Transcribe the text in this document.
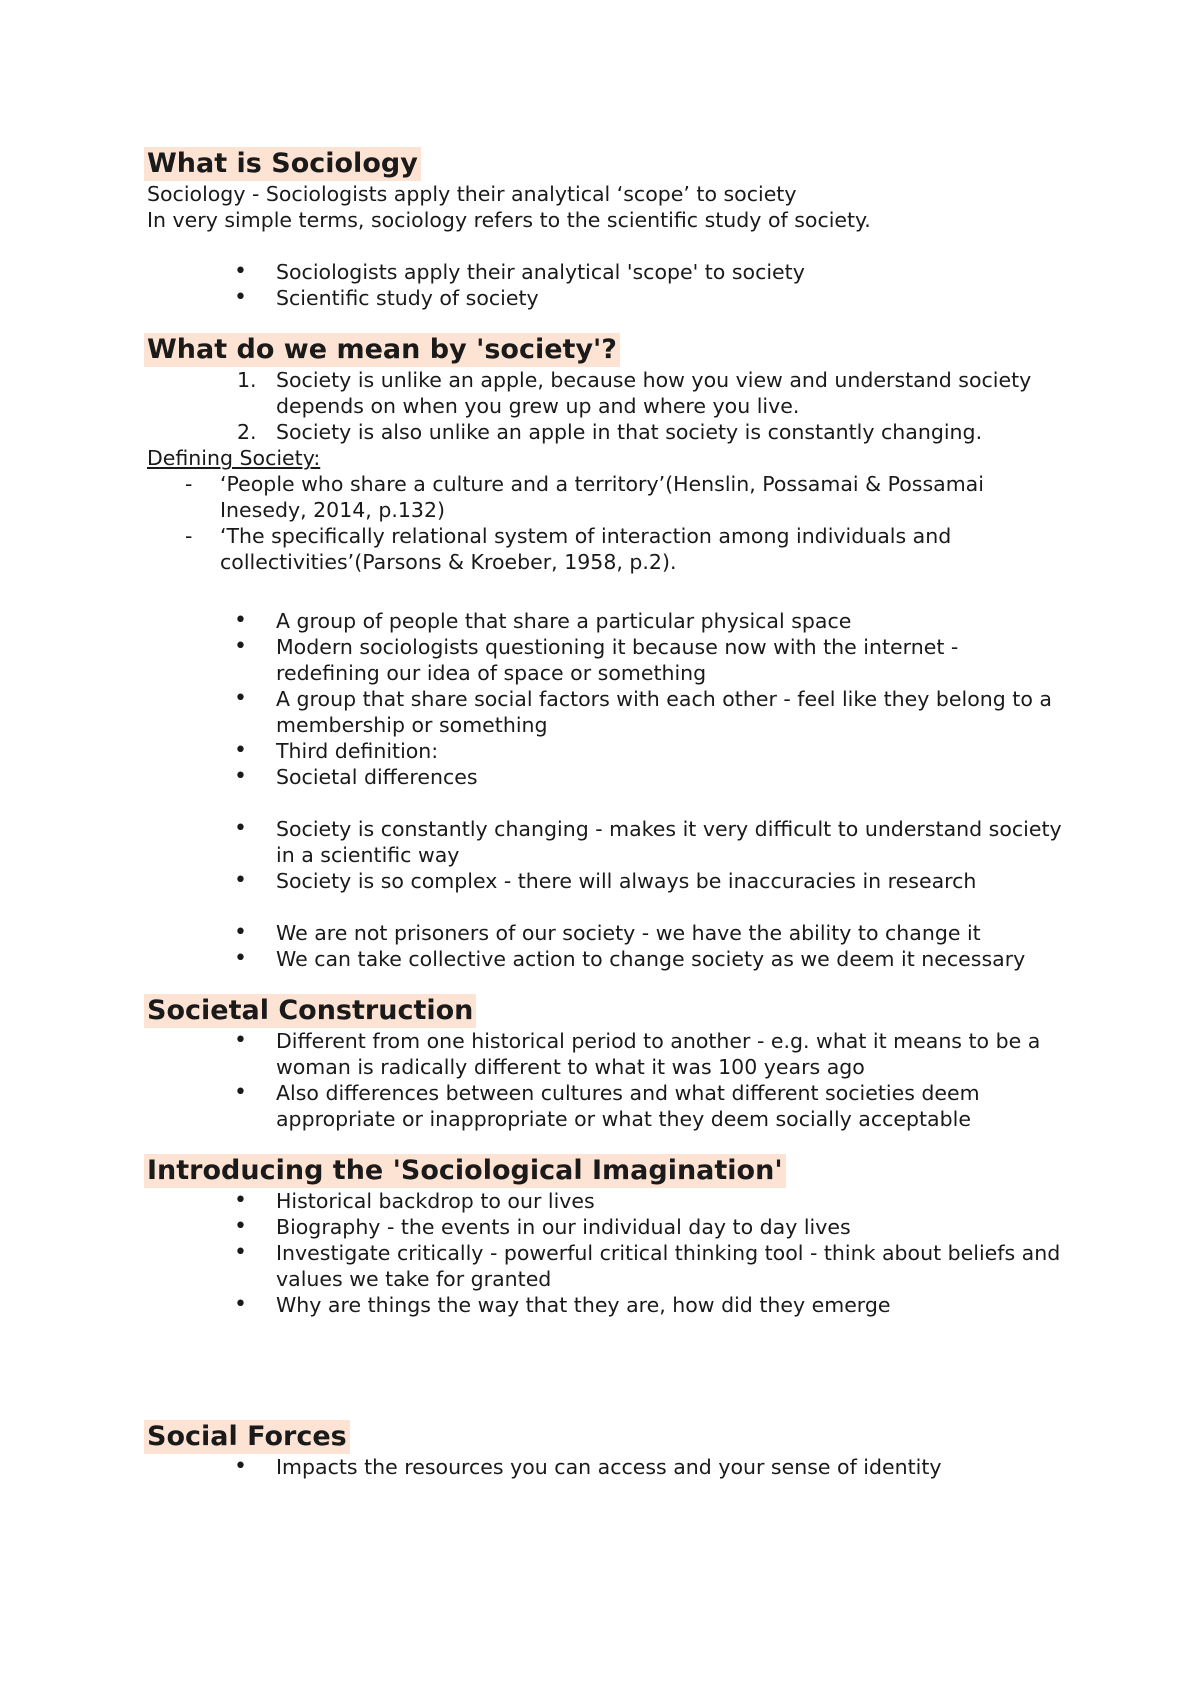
What is Sociology

Sociology - Sociologists apply their analytical ‘scope’ to society

In very simple terms, sociology refers to the scientific study of society.

• Sociologists apply their analytical 'scope' to society
• Scientific study of society
What do we mean by 'society'?
1. Society is unlike an apple, because how you view and understand society depends on when you grew up and where you live.
2. Society is also unlike an apple in that society is constantly changing.
Defining Society:
- ‘People who share a culture and a territory’(Henslin, Possamai & Possamai Inesedy, 2014, p.132)
- ‘The specifically relational system of interaction among individuals and collectivities’(Parsons & Kroeber, 1958, p.2).
• A group of people that share a particular physical space
• Modern sociologists questioning it because now with the internet - redefining our idea of space or something
• A group that share social factors with each other - feel like they belong to a membership or something
• Third definition:
• Societal differences
• Society is constantly changing - makes it very difficult to understand society in a scientific way
• Society is so complex - there will always be inaccuracies in research
• We are not prisoners of our society - we have the ability to change it
• We can take collective action to change society as we deem it necessary
Societal Construction
• Different from one historical period to another - e.g. what it means to be a woman is radically different to what it was 100 years ago
• Also differences between cultures and what different societies deem appropriate or inappropriate or what they deem socially acceptable
Introducing the 'Sociological Imagination'
• Historical backdrop to our lives
• Biography - the events in our individual day to day lives
• Investigate critically - powerful critical thinking tool - think about beliefs and values we take for granted
• Why are things the way that they are, how did they emerge
Social Forces
• Impacts the resources you can access and your sense of identity
